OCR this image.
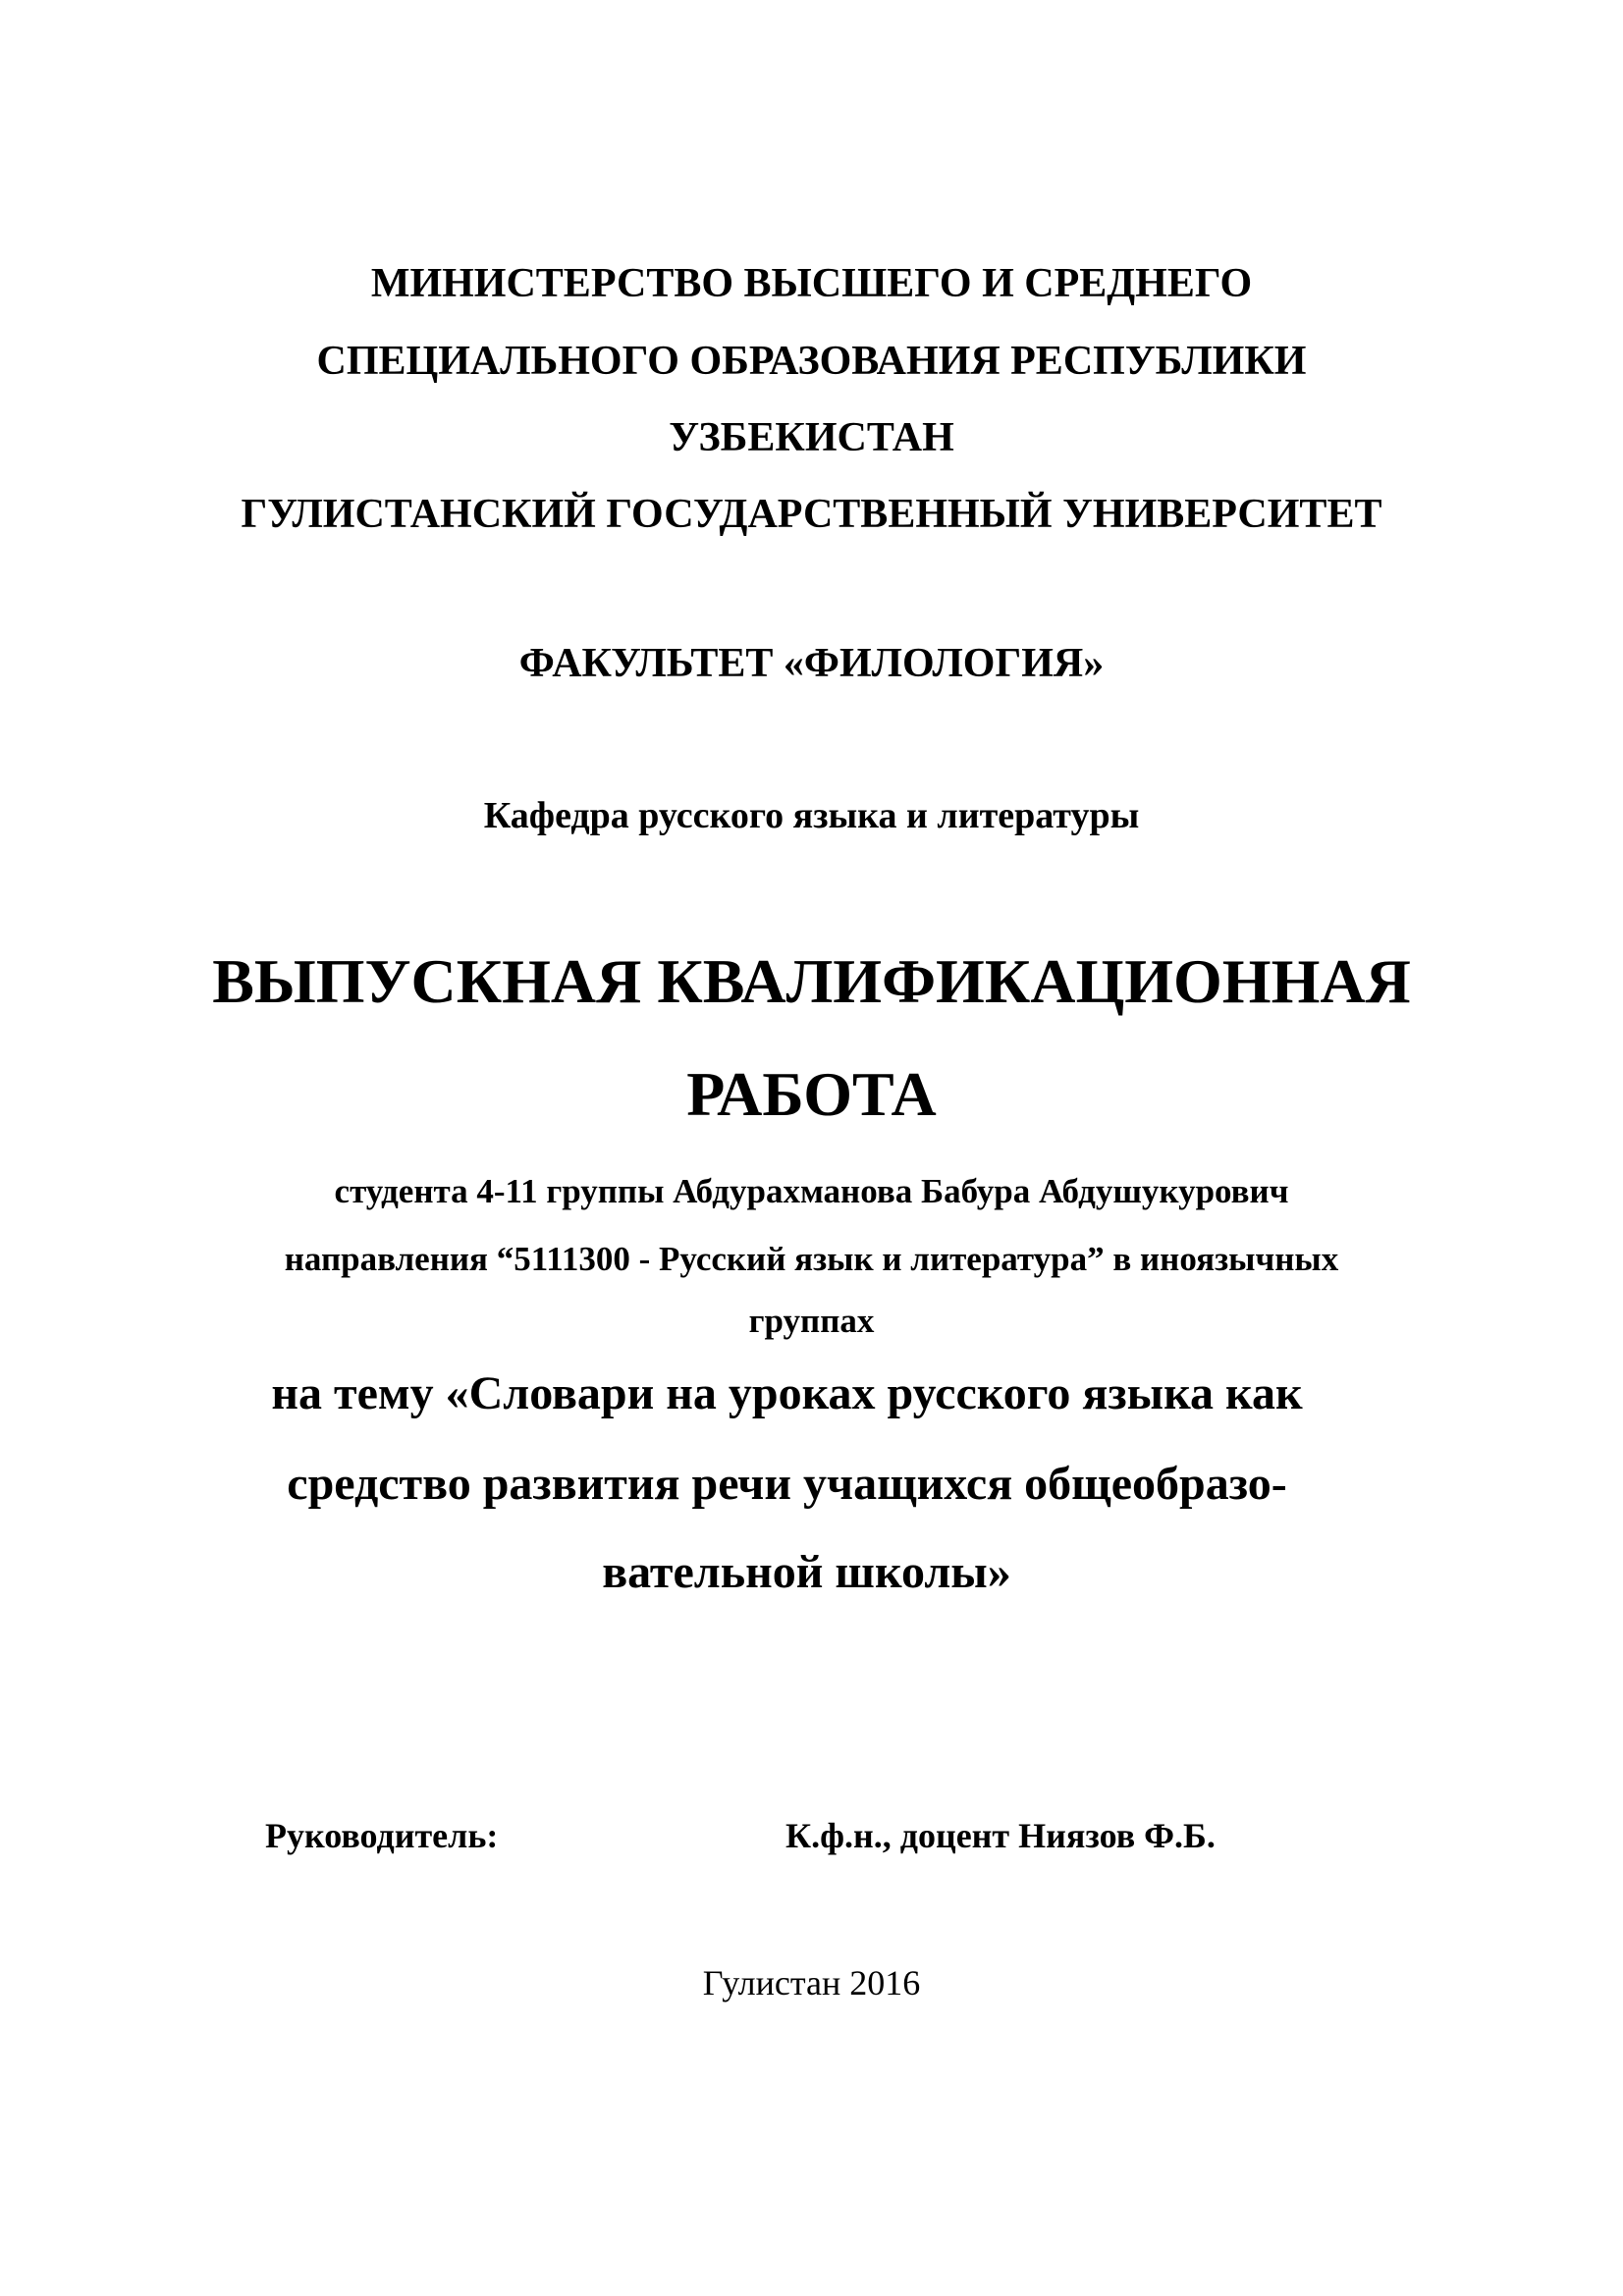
МИНИСТЕРСТВО ВЫСШЕГО И СРЕДНЕГО
СПЕЦИАЛЬНОГО ОБРАЗОВАНИЯ РЕСПУБЛИКИ
УЗБЕКИСТАН
ГУЛИСТАНСКИЙ ГОСУДАРСТВЕННЫЙ УНИВЕРСИТЕТ
ФАКУЛЬТЕТ «ФИЛОЛОГИЯ»
Кафедра русского языка и литературы
ВЫПУСКНАЯ КВАЛИФИКАЦИОННАЯ
РАБОТА
студента 4-11 группы Абдурахманова Бабура Абдушукурович
направления “5111300 - Русский язык и литература” в иноязычных
группах
на тему «Словари на уроках русского языка как
средство развития речи учащихся общеобразо-
вательной школы»
Руководитель:	К.ф.н., доцент Ниязов Ф.Б.
Гулистан 2016
